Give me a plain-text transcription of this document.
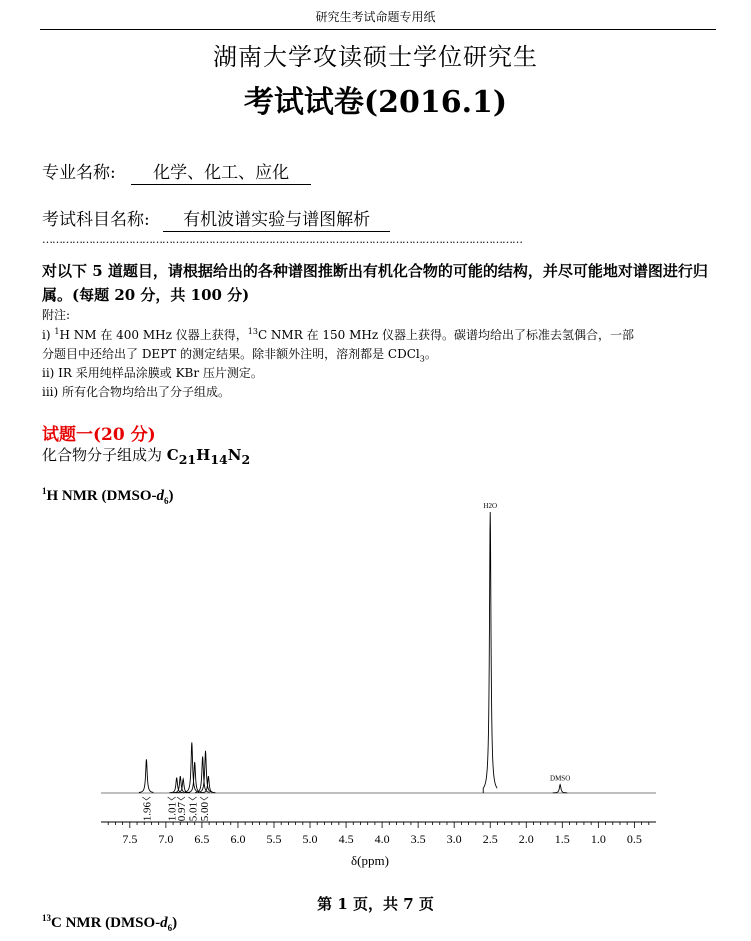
研究生考试命题专用纸
湖南大学攻读硕士学位研究生
考试试卷(2016.1)
专业名称: 化学、化工、应化
考试科目名称: 有机波谱实验与谱图解析
………………………………………………………………………………………………………………………………
对以下 5 道题目，请根据给出的各种谱图推断出有机化合物的可能的结构，并尽可能地对谱图进行归属。(每题 20 分，共 100 分)
附注:
i) $^1$H NM 在 400 MHz 仪器上获得，$^{13}$C NMR 在 150 MHz 仪器上获得。碳谱均给出了标准去氢偶合，一部
分题目中还给出了 DEPT 的测定结果。除非额外注明，溶剂都是 CDCl$_3$。
ii) IR 采用纯样品涂膜或 KBr 压片测定。
iii) 所有化合物均给出了分子组成。
试题一(20 分)
化合物分子组成为 $C_{21}H_{14}N_2$
$^1$H NMR $(DMSO-d_6)$
7.5 7.0 6.5 6.0 5.5 5.0 4.5 4.0 3.5 3.0 2.5 2.0 1.5 1.0 0.5
H2O
DMSO
1.96 1.01
0.97 5.01 5.00
δ(ppm)
第 1 页，共 7 页
$^{13}$C NMR $(DMSO-d_6)$
